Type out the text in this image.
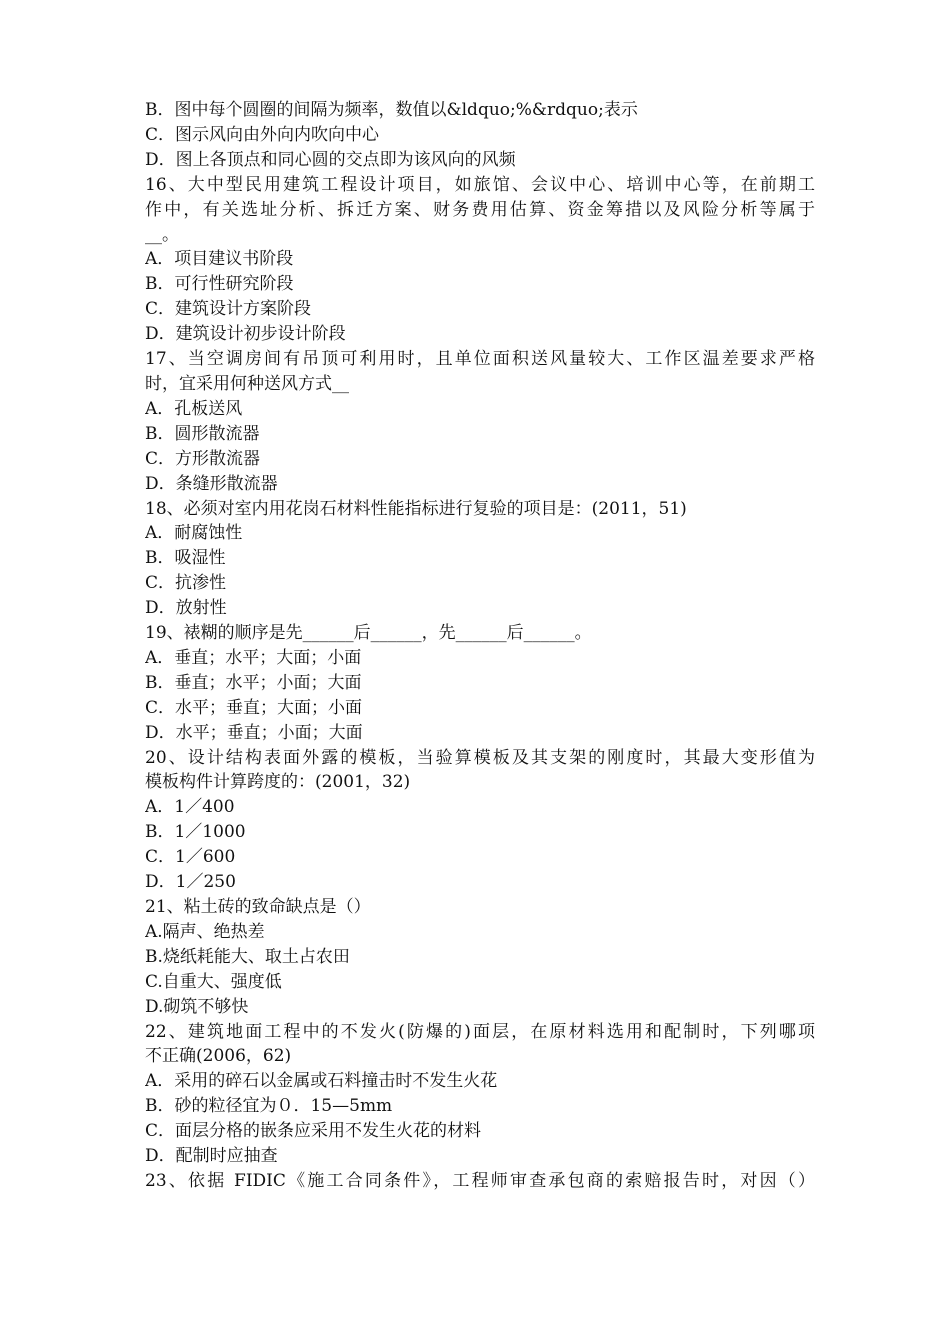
B．图中每个圆圈的间隔为频率，数值以&ldquo;%&rdquo;表示
C．图示风向由外向内吹向中心
D．图上各顶点和同心圆的交点即为该风向的风频
16、大中型民用建筑工程设计项目，如旅馆、会议中心、培训中心等，在前期工
作中，有关选址分析、拆迁方案、财务费用估算、资金筹措以及风险分析等属于
__。
A．项目建议书阶段
B．可行性研究阶段
C．建筑设计方案阶段
D．建筑设计初步设计阶段
17、当空调房间有吊顶可利用时，且单位面积送风量较大、工作区温差要求严格
时，宜采用何种送风方式__
A．孔板送风
B．圆形散流器
C．方形散流器
D．条缝形散流器
18、必须对室内用花岗石材料性能指标进行复验的项目是：(2011，51)
A．耐腐蚀性
B．吸湿性
C．抗渗性
D．放射性
19、裱糊的顺序是先______后______，先______后______。
A．垂直；水平；大面；小面
B．垂直；水平；小面；大面
C．水平；垂直；大面；小面
D．水平；垂直；小面；大面
20、设计结构表面外露的模板，当验算模板及其支架的刚度时，其最大变形值为
模板构件计算跨度的：(2001，32)
A．1／400
B．1／1000
C．1／600
D．1／250
21、粘土砖的致命缺点是（）
A.隔声、绝热差
B.烧纸耗能大、取土占农田
C.自重大、强度低
D.砌筑不够快
22、建筑地面工程中的不发火(防爆的)面层，在原材料选用和配制时，下列哪项
不正确(2006，62)
A．采用的碎石以金属或石料撞击时不发生火花
B．砂的粒径宜为０．15—5mm
C．面层分格的嵌条应采用不发生火花的材料
D．配制时应抽查
23、依据 FIDIC《施工合同条件》，工程师审查承包商的索赔报告时，对因（）
